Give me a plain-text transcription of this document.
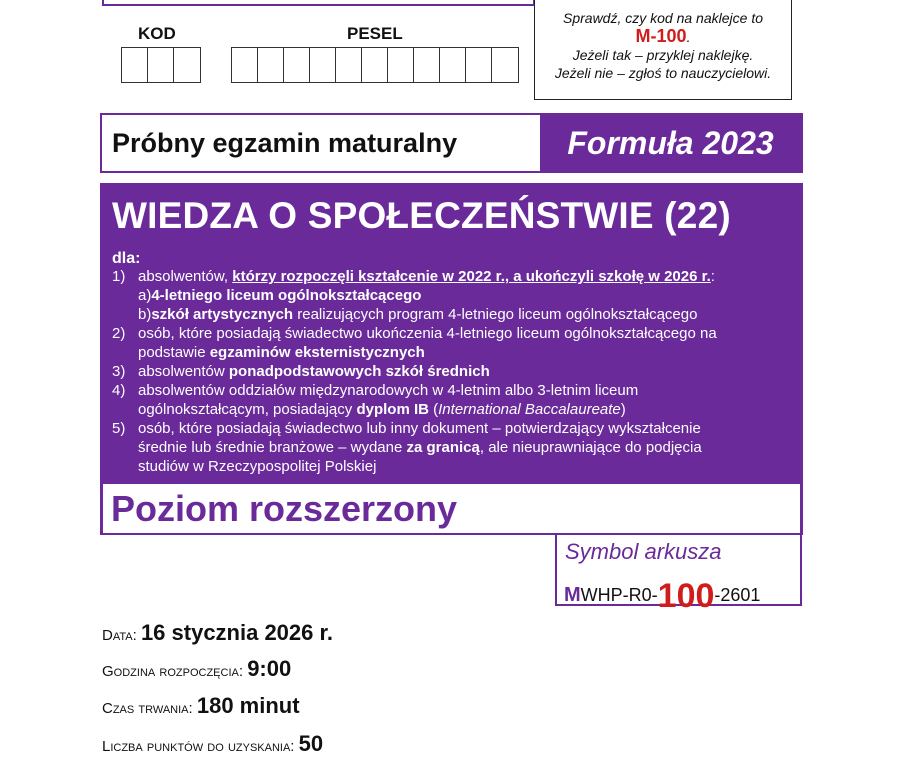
KOD	PESEL
Sprawdź, czy kod na naklejce to
M-100.
Jeżeli tak – przyklej naklejkę.
Jeżeli nie – zgłoś to nauczycielowi.
Próbny egzamin maturalny	Formuła 2023
WIEDZA O SPOŁECZEŃSTWIE (22)
dla:
1) absolwentów, którzy rozpoczęli kształcenie w 2022 r., a ukończyli szkołę w 2026 r.:
a) 4-letniego liceum ogólnokształcącego
b) szkół artystycznych realizujących program 4-letniego liceum ogólnokształcącego
2) osób, które posiadają świadectwo ukończenia 4-letniego liceum ogólnokształcącego na
podstawie egzaminów eksternistycznych
3) absolwentów ponadpodstawowych szkół średnich
4) absolwentów oddziałów międzynarodowych w 4-letnim albo 3-letnim liceum
ogólnokształcącym, posiadający dyplom IB (International Baccalaureate)
5) osób, które posiadają świadectwo lub inny dokument – potwierdzający wykształcenie
średnie lub średnie branżowe – wydane za granicą, ale nieuprawniające do podjęcia
studiów w Rzeczypospolitej Polskiej
Poziom rozszerzony
Symbol arkusza
MWHP-R0-100-2601
Data: 16 stycznia 2026 r.
Godzina rozpoczęcia: 9:00
Czas trwania: 180 minut
Liczba punktów do uzyskania: 50
